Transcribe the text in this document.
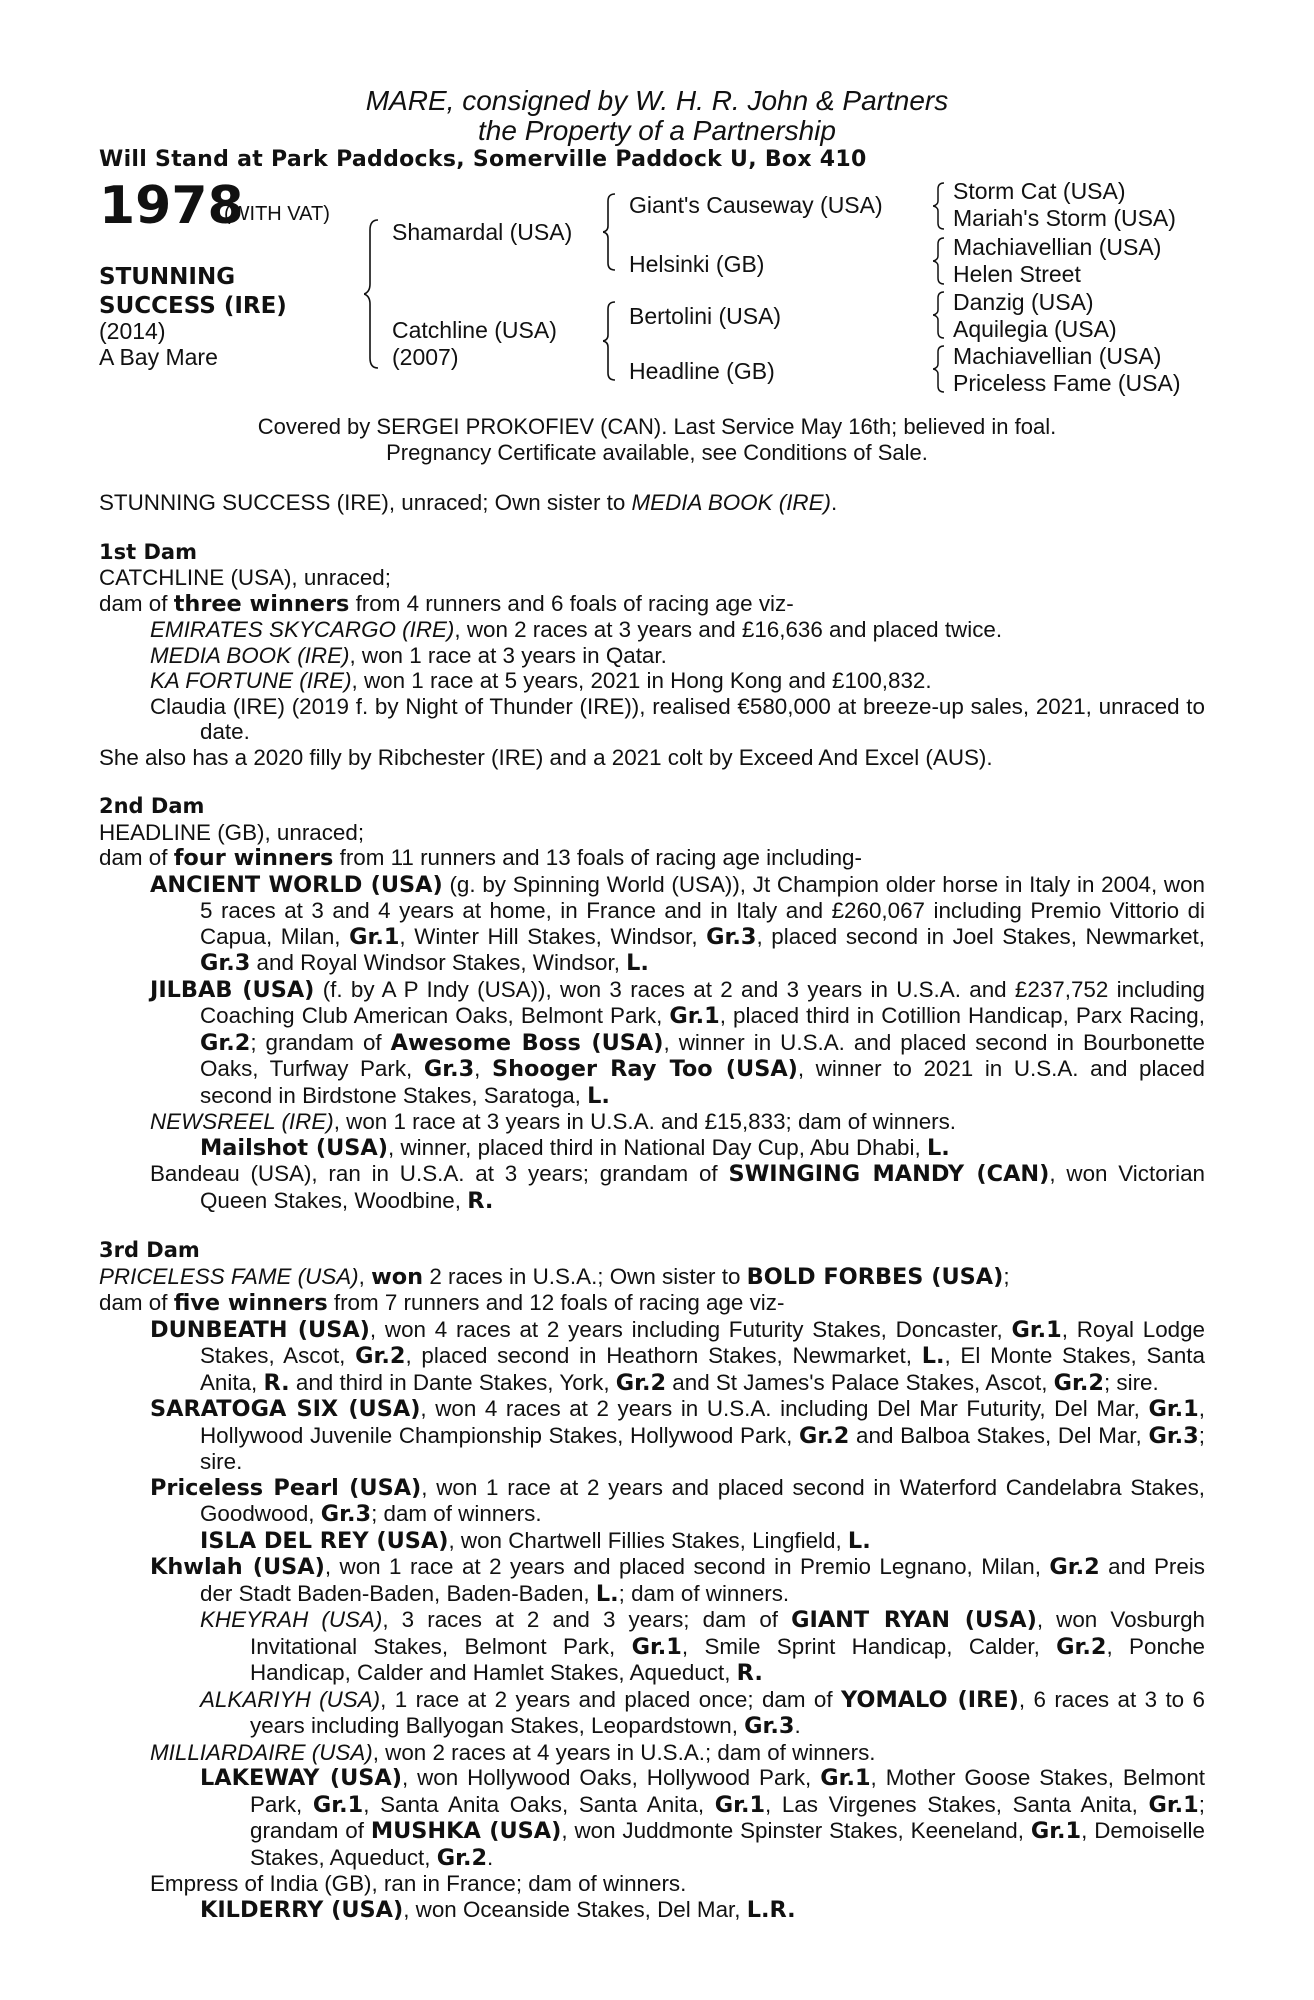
MARE, consigned by W. H. R. John & Partners
the Property of a Partnership
Will Stand at Park Paddocks, Somerville Paddock U, Box 410
1978
(WITH VAT)
STUNNING
SUCCESS (IRE)
(2014)
A Bay Mare
Shamardal (USA)
Catchline (USA)
(2007)
Giant's Causeway (USA)
Helsinki (GB)
Bertolini (USA)
Headline (GB)
Storm Cat (USA)
Mariah's Storm (USA)
Machiavellian (USA)
Helen Street
Danzig (USA)
Aquilegia (USA)
Machiavellian (USA)
Priceless Fame (USA)
Covered by SERGEI PROKOFIEV (CAN). Last Service May 16th; believed in foal.
Pregnancy Certificate available, see Conditions of Sale.

STUNNING SUCCESS (IRE), unraced; Own sister to MEDIA BOOK (IRE).

1st Dam

CATCHLINE (USA), unraced;

dam of three winners from 4 runners and 6 foals of racing age viz-

EMIRATES SKYCARGO (IRE), won 2 races at 3 years and £16,636 and placed twice.

MEDIA BOOK (IRE), won 1 race at 3 years in Qatar.

KA FORTUNE (IRE), won 1 race at 5 years, 2021 in Hong Kong and £100,832.

Claudia (IRE) (2019 f. by Night of Thunder (IRE)), realised €580,000 at breeze-up sales, 2021, unraced to date.

She also has a 2020 filly by Ribchester (IRE) and a 2021 colt by Exceed And Excel (AUS).

2nd Dam

HEADLINE (GB), unraced;

dam of four winners from 11 runners and 13 foals of racing age including-

ANCIENT WORLD (USA) (g. by Spinning World (USA)), Jt Champion older horse in Italy in 2004, won 5 races at 3 and 4 years at home, in France and in Italy and £260,067 including Premio Vittorio di Capua, Milan, Gr.1, Winter Hill Stakes, Windsor, Gr.3, placed second in Joel Stakes, Newmarket, Gr.3 and Royal Windsor Stakes, Windsor, L.

JILBAB (USA) (f. by A P Indy (USA)), won 3 races at 2 and 3 years in U.S.A. and £237,752 including Coaching Club American Oaks, Belmont Park, Gr.1, placed third in Cotillion Handicap, Parx Racing, Gr.2; grandam of Awesome Boss (USA), winner in U.S.A. and placed second in Bourbonette Oaks, Turfway Park, Gr.3, Shooger Ray Too (USA), winner to 2021 in U.S.A. and placed second in Birdstone Stakes, Saratoga, L.

NEWSREEL (IRE), won 1 race at 3 years in U.S.A. and £15,833; dam of winners.

Mailshot (USA), winner, placed third in National Day Cup, Abu Dhabi, L.

Bandeau (USA), ran in U.S.A. at 3 years; grandam of SWINGING MANDY (CAN), won Victorian Queen Stakes, Woodbine, R.

3rd Dam

PRICELESS FAME (USA), won 2 races in U.S.A.; Own sister to BOLD FORBES (USA);

dam of five winners from 7 runners and 12 foals of racing age viz-

DUNBEATH (USA), won 4 races at 2 years including Futurity Stakes, Doncaster, Gr.1, Royal Lodge Stakes, Ascot, Gr.2, placed second in Heathorn Stakes, Newmarket, L., El Monte Stakes, Santa Anita, R. and third in Dante Stakes, York, Gr.2 and St James's Palace Stakes, Ascot, Gr.2; sire.

SARATOGA SIX (USA), won 4 races at 2 years in U.S.A. including Del Mar Futurity, Del Mar, Gr.1, Hollywood Juvenile Championship Stakes, Hollywood Park, Gr.2 and Balboa Stakes, Del Mar, Gr.3; sire.

Priceless Pearl (USA), won 1 race at 2 years and placed second in Waterford Candelabra Stakes, Goodwood, Gr.3; dam of winners.

ISLA DEL REY (USA), won Chartwell Fillies Stakes, Lingfield, L.

Khwlah (USA), won 1 race at 2 years and placed second in Premio Legnano, Milan, Gr.2 and Preis der Stadt Baden-Baden, Baden-Baden, L.; dam of winners.

KHEYRAH (USA), 3 races at 2 and 3 years; dam of GIANT RYAN (USA), won Vosburgh Invitational Stakes, Belmont Park, Gr.1, Smile Sprint Handicap, Calder, Gr.2, Ponche Handicap, Calder and Hamlet Stakes, Aqueduct, R.

ALKARIYH (USA), 1 race at 2 years and placed once; dam of YOMALO (IRE), 6 races at 3 to 6 years including Ballyogan Stakes, Leopardstown, Gr.3.

MILLIARDAIRE (USA), won 2 races at 4 years in U.S.A.; dam of winners.

LAKEWAY (USA), won Hollywood Oaks, Hollywood Park, Gr.1, Mother Goose Stakes, Belmont Park, Gr.1, Santa Anita Oaks, Santa Anita, Gr.1, Las Virgenes Stakes, Santa Anita, Gr.1; grandam of MUSHKA (USA), won Juddmonte Spinster Stakes, Keeneland, Gr.1, Demoiselle Stakes, Aqueduct, Gr.2.

Empress of India (GB), ran in France; dam of winners.

KILDERRY (USA), won Oceanside Stakes, Del Mar, L.R.
